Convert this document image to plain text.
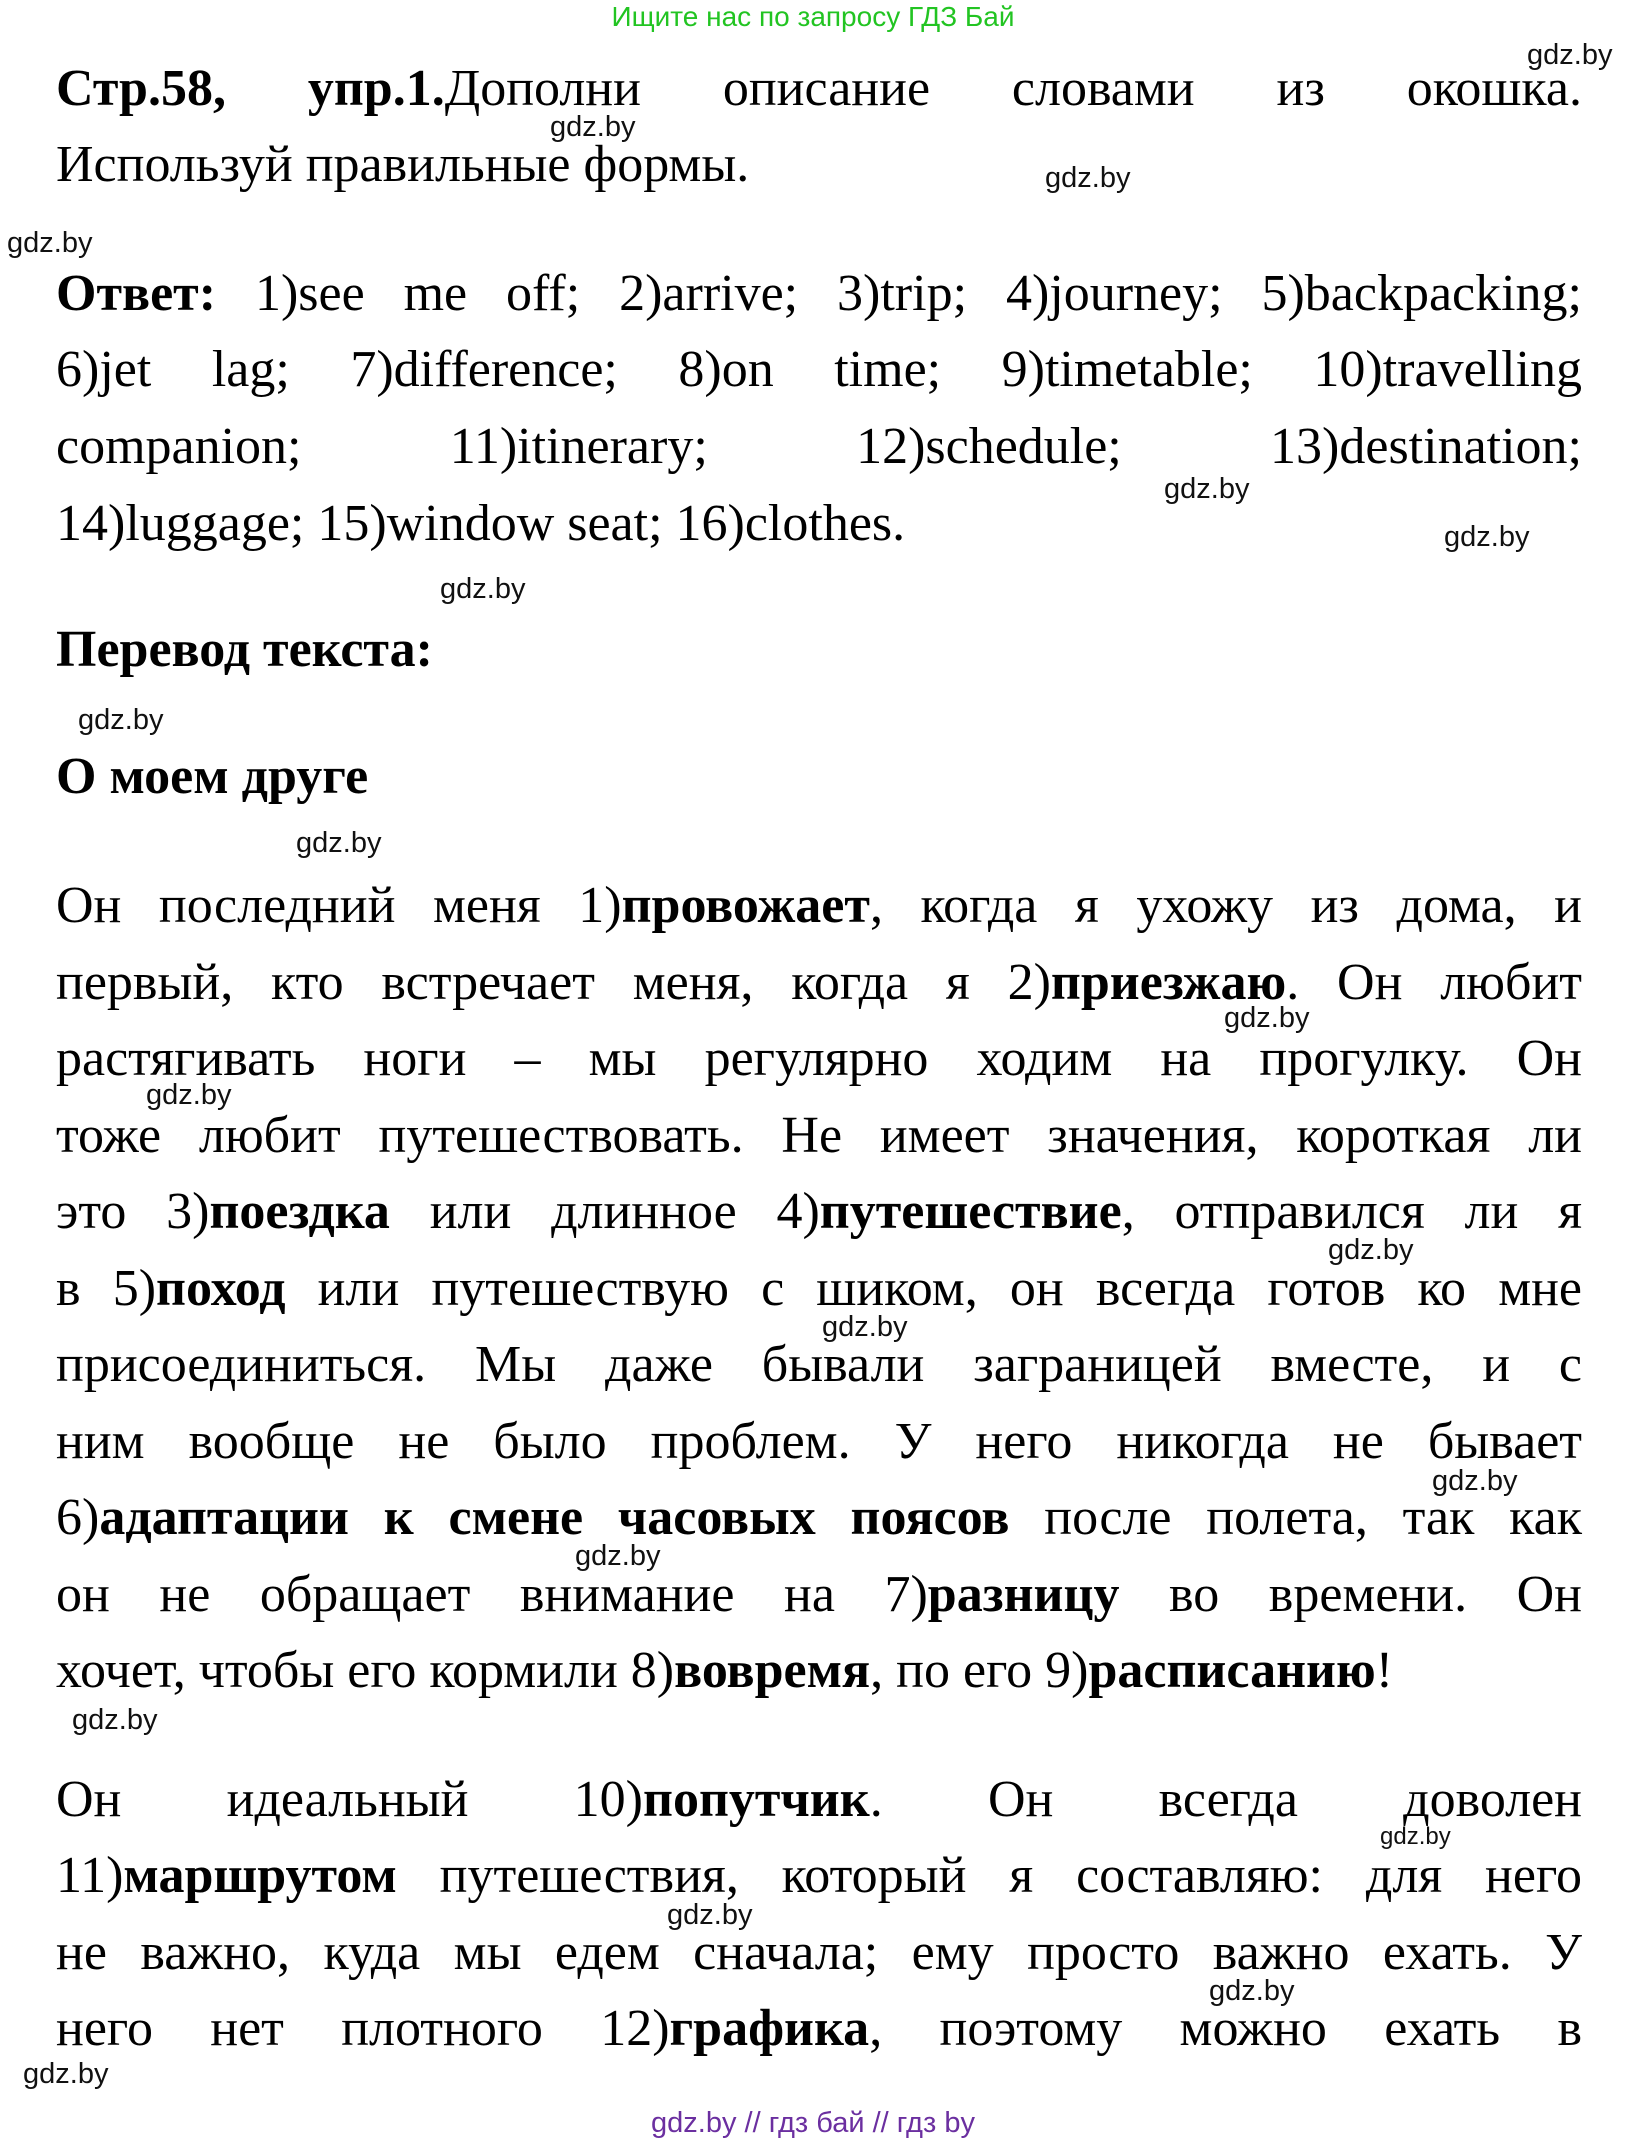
Ищите нас по запросу ГДЗ Бай
Стр.58, упр.1.Дополни описание словами из окошка.
Используй правильные формы.
Ответ: 1)see me off; 2)arrive; 3)trip; 4)journey; 5)backpacking;
6)jet lag; 7)difference; 8)on time; 9)timetable; 10)travelling
companion; 11)itinerary; 12)schedule; 13)destination;
14)luggage; 15)window seat; 16)clothes.
Перевод текста:
О моем друге
Он последний меня 1)провожает, когда я ухожу из дома, и
первый, кто встречает меня, когда я 2)приезжаю. Он любит
растягивать ноги – мы регулярно ходим на прогулку. Он
тоже любит путешествовать. Не имеет значения, короткая ли
это 3)поездка или длинное 4)путешествие, отправился ли я
в 5)поход или путешествую с шиком, он всегда готов ко мне
присоединиться. Мы даже бывали заграницей вместе, и с
ним вообще не было проблем. У него никогда не бывает
6)адаптации к смене часовых поясов после полета, так как
он не обращает внимание на 7)разницу во времени. Он
хочет, чтобы его кормили 8)вовремя, по его 9)расписанию!
Он идеальный 10)попутчик. Он всегда доволен
11)маршрутом путешествия, который я составляю: для него
не важно, куда мы едем сначала; ему просто важно ехать. У
него нет плотного 12)графика, поэтому можно ехать в
gdz.by
gdz.by
gdz.by
gdz.by
gdz.by
gdz.by
gdz.by
gdz.by
gdz.by
gdz.by
gdz.by
gdz.by
gdz.by
gdz.by
gdz.by
gdz.by
gdz.by
gdz.by
gdz.by
gdz.by
gdz.by // гдз бай // гдз by
